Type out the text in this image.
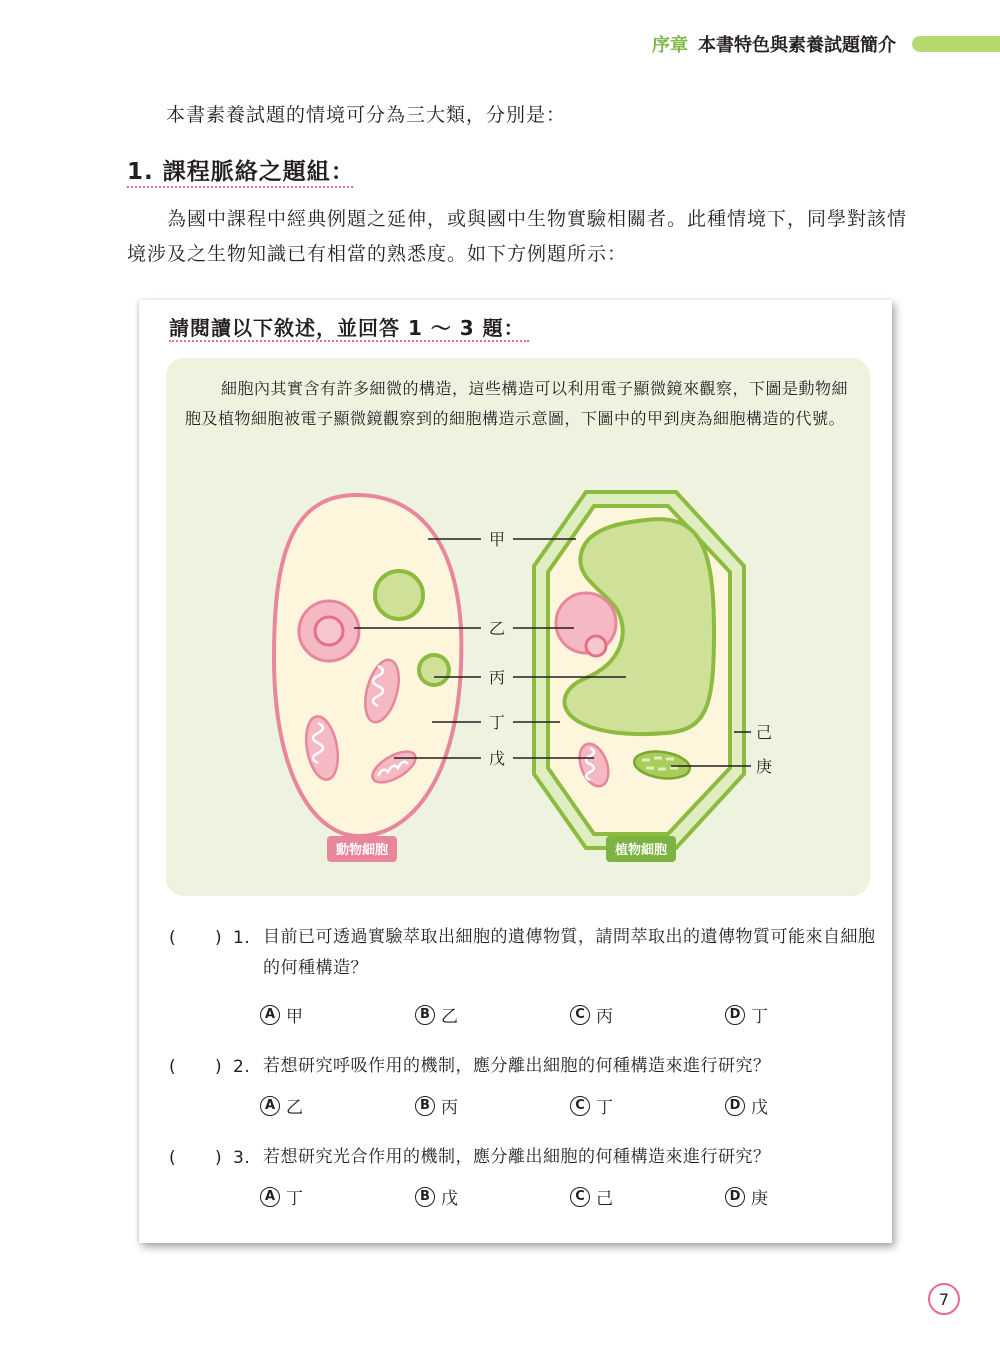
序章 本書特色與素養試題簡介
本書素養試題的情境可分為三大類，分別是：
1. 課程脈絡之題組：
為國中課程中經典例題之延伸，或與國中生物實驗相關者。此種情境下，同學對該情境涉及之生物知識已有相當的熟悉度。如下方例題所示：
請閱讀以下敘述，並回答 1 ～ 3 題：
細胞內其實含有許多細微的構造，這些構造可以利用電子顯微鏡來觀察，下圖是動物細胞及植物細胞被電子顯微鏡觀察到的細胞構造示意圖，下圖中的甲到庚為細胞構造的代號。
動物細胞	植物細胞
甲
乙
丙
丁
戊
己
庚
( ) 1. 目前已可透過實驗萃取出細胞的遺傳物質，請問萃取出的遺傳物質可能來自細胞的何種構造？
A 甲	B 乙	C 丙	D 丁
( ) 2. 若想研究呼吸作用的機制，應分離出細胞的何種構造來進行研究？
A 乙	B 丙	C 丁	D 戊
( ) 3. 若想研究光合作用的機制，應分離出細胞的何種構造來進行研究？
A 丁	B 戊	C 己	D 庚
7
